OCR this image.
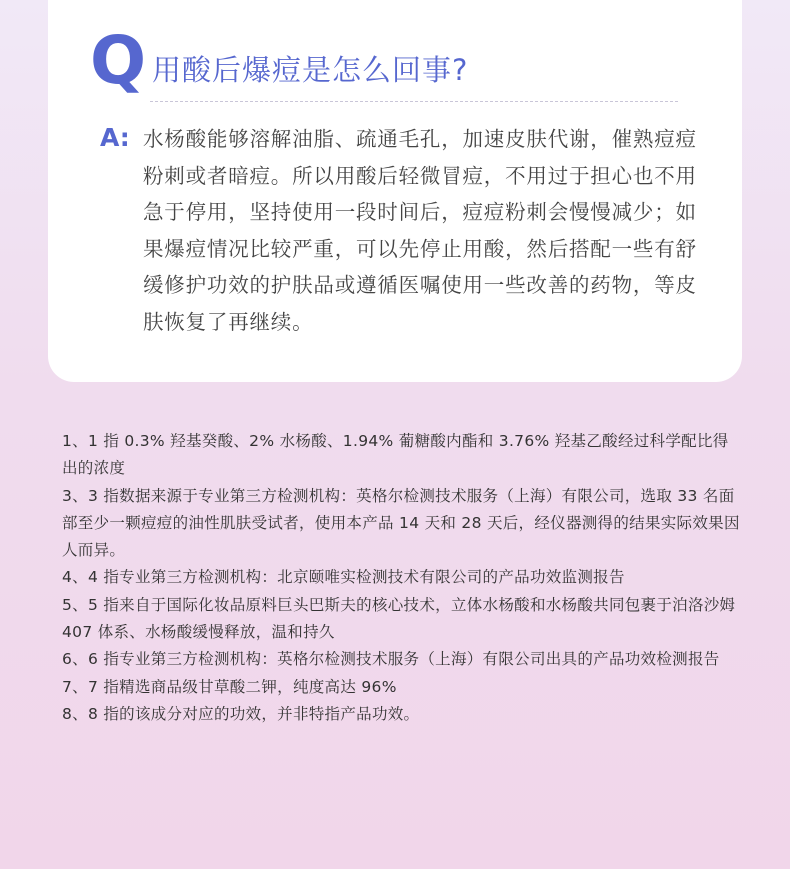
Q 用酸后爆痘是怎么回事?
A: 水杨酸能够溶解油脂、疏通毛孔，加速皮肤代谢，催熟痘痘粉刺或者暗痘。所以用酸后轻微冒痘，不用过于担心也不用急于停用，坚持使用一段时间后，痘痘粉刺会慢慢减少；如果爆痘情况比较严重，可以先停止用酸，然后搭配一些有舒缓修护功效的护肤品或遵循医嘱使用一些改善的药物，等皮肤恢复了再继续。

1、1 指 0.3% 羟基癸酸、2% 水杨酸、1.94% 葡糖酸内酯和 3.76% 羟基乙酸经过科学配比得出的浓度
3、3 指数据来源于专业第三方检测机构：英格尔检测技术服务（上海）有限公司，选取 33 名面部至少一颗痘痘的油性肌肤受试者，使用本产品 14 天和 28 天后，经仪器测得的结果实际效果因人而异。
4、4 指专业第三方检测机构：北京颐唯实检测技术有限公司的产品功效监测报告
5、5 指来自于国际化妆品原料巨头巴斯夫的核心技术，立体水杨酸和水杨酸共同包裹于泊洛沙姆 407 体系、水杨酸缓慢释放，温和持久
6、6 指专业第三方检测机构：英格尔检测技术服务（上海）有限公司出具的产品功效检测报告
7、7 指精选商品级甘草酸二钾，纯度高达 96%
8、8 指的该成分对应的功效，并非特指产品功效。
